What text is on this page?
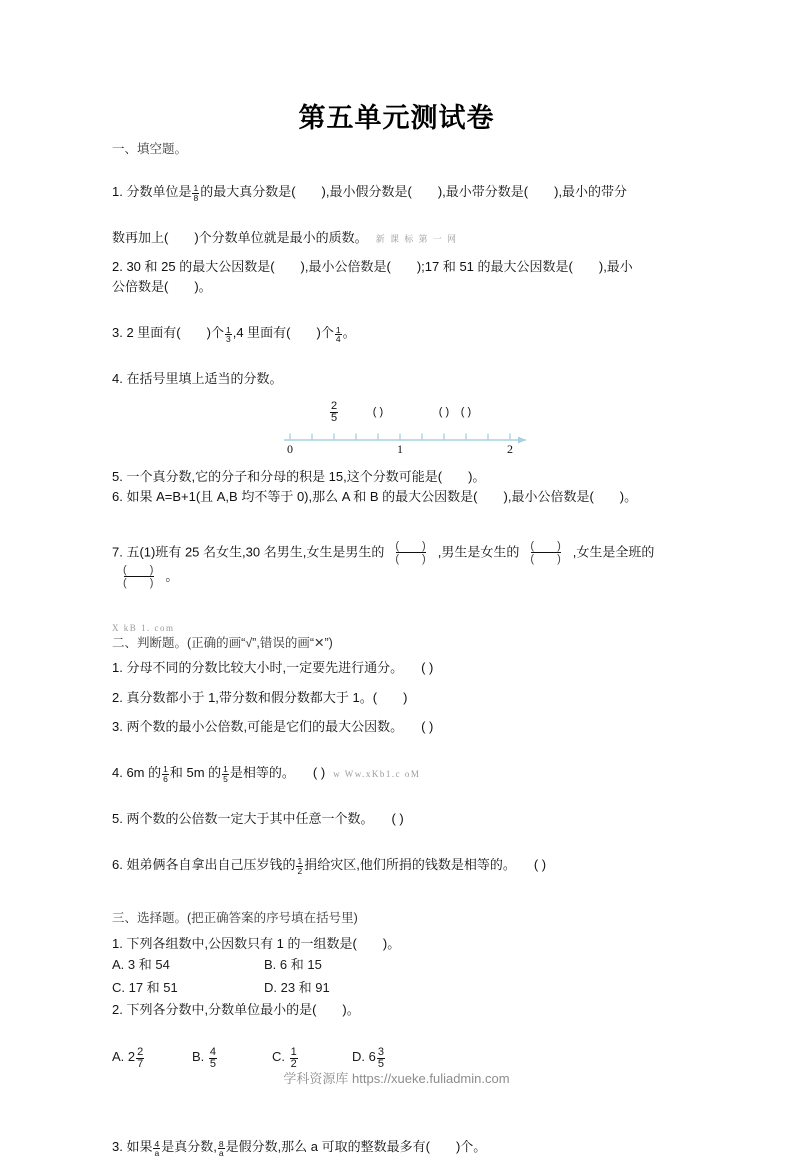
第五单元测试卷
一、填空题。
1. 分数单位是 $\frac{1}{8}$ 的最大真分数是( ),最小假分数是( ),最小带分数是( ),最小的带分
数再加上( )个分数单位就是最小的质数。 新 课 标 第 一 网
2. 30 和 25 的最大公因数是( ),最小公倍数是( );17 和 51 的最大公因数是( ),最小
公倍数是( )。
3. 2 里面有( )个 $\frac{1}{3} ,4$ 里面有( )个 $\frac{1}{4}$ 。
4. 在括号里填上适当的分数。
$\frac{2}{5}$	( )	( ) ( )
0	1	2
5. 一个真分数,它的分子和分母的积是 15,这个分数可能是( )。
6. 如果 A=B+1(且 A,B 均不等于 0),那么 A 和 B 的最大公因数是( ),最小公倍数是( )。
7. 五(1)班有 25 名女生,30 名男生,女生是男生的	( )
( )
,男生是女生的	( )
( )
,女生是全班的
( )
( )
。
X kB 1. com
二、判断题。(正确的画“√”,错误的画“✕”)
1. 分母不同的分数比较大小时,一定要先进行通分。 ( )
2. 真分数都小于 1,带分数和假分数都大于 1。( )
3. 两个数的最小公倍数,可能是它们的最大公因数。 ( )
4. 6m 的 $\frac{1}{6}$ 和 5m 的 $\frac{1}{5}$ 是相等的。 ( ) w Ww.xKb1.c oM
5. 两个数的公倍数一定大于其中任意一个数。 ( )
6. 姐弟俩各自拿出自己压岁钱的 $\frac{1}{2}$ 捐给灾区,他们所捐的钱数是相等的。 ( )
三、选择题。(把正确答案的序号填在括号里)
1. 下列各组数中,公因数只有 1 的一组数是( )。
A. 3 和 54	B. 6 和 15
C. 17 和 51	D. 23 和 91
2. 下列各分数中,分数单位最小的是( )。
A. $2 \frac{2}{7}$	B. $\frac{4}{5}$	C. $\frac{1}{2}$	D. $6 \frac{3}{5}$
3. 如果 $\frac{4}{a}$ 是真分数, $\frac{8}{a}$ 是假分数,那么 a 可取的整数最多有( )个。
学科资源库 https://xueke.fuliadmin.com
